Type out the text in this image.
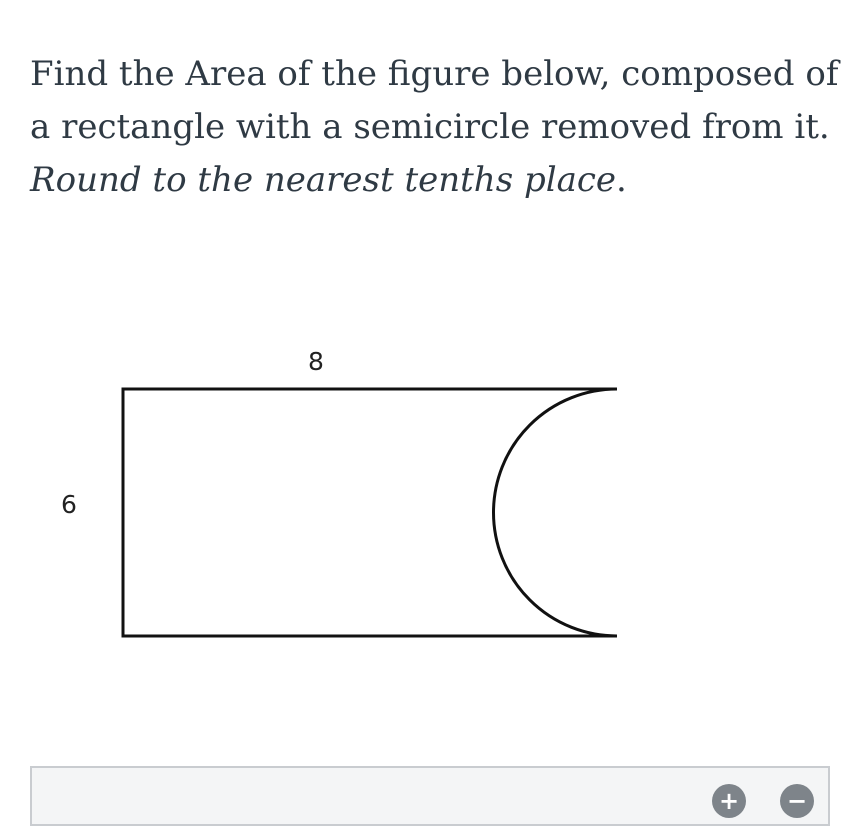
Find the Area of the figure below, composed of a rectangle with a semicircle removed from it. Round to the nearest tenths place.

8
6
+ −
